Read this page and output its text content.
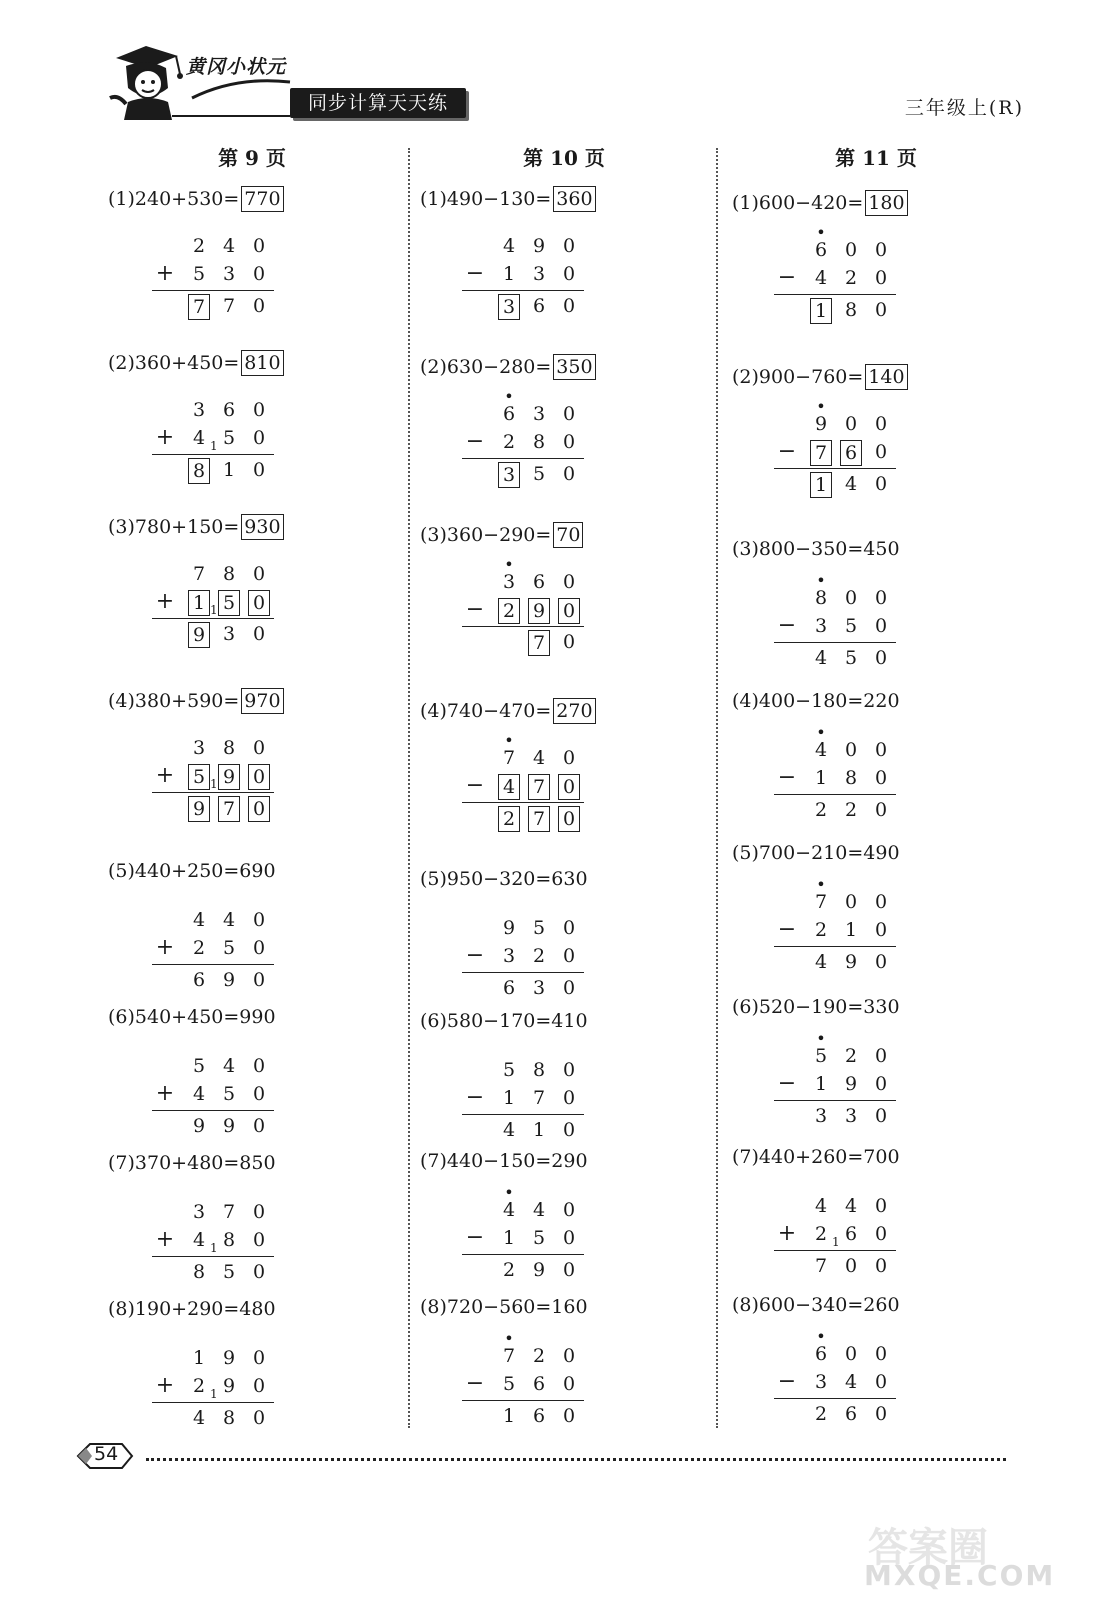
黄冈小状元
同步计算天天练	三年级上(R)
第 9 页	第 10 页	第 11 页
(1)240+530= 770
2 4 0
+ 5 3 0
7 7 0
(2)360+450= 810
3 6 0
+ 4 5 0
1
8 1 0
(3)780+150= 930
7 8 0
+ 1 5 0
1
9 3 0
(4)380+590= 970
3 8 0
+ 5 9 0
1
9 7 0
(5)440+250=690
4 4 0
+ 2 5 0
6 9 0
(6)540+450=990
5 4 0
+ 4 5 0
9 9 0
(7)370+480=850
3 7 0
+ 4 8 0
1
8 5 0
(8)190+290=480
1 9 0
+ 2 9 0
1
4 8 0
(1)490−130= 360
4 9 0
− 1 3 0
3 6 0
(2)630−280= 350
•
6 3 0
− 2 8 0
3 5 0
(3)360−290= 70
•
3 6 0
− 2 9 0
7 0
(4)740−470= 270
•
7 4 0
− 4 7 0
2 7 0
(5)950−320=630
9 5 0
− 3 2 0
6 3 0
(6)580−170=410
5 8 0
− 1 7 0
4 1 0
(7)440−150=290
•
4 4 0
− 1 5 0
2 9 0
(8)720−560=160
•
7 2 0
− 5 6 0
1 6 0
(1)600−420= 180
•
6 0 0
− 4 2 0
1 8 0
(2)900−760= 140
•
9 0 0
− 7 6 0
1 4 0
(3)800−350=450
•
8 0 0
− 3 5 0
4 5 0
(4)400−180=220
•
4 0 0
− 1 8 0
2 2 0
(5)700−210=490
•
7 0 0
− 2 1 0
4 9 0
(6)520−190=330
•
5 2 0
− 1 9 0
3 3 0
(7)440+260=700
4 4 0
+ 2 6 0
1
7 0 0
(8)600−340=260
•
6 0 0
− 3 4 0
2 6 0
54
答案圈
MXQE.COM
